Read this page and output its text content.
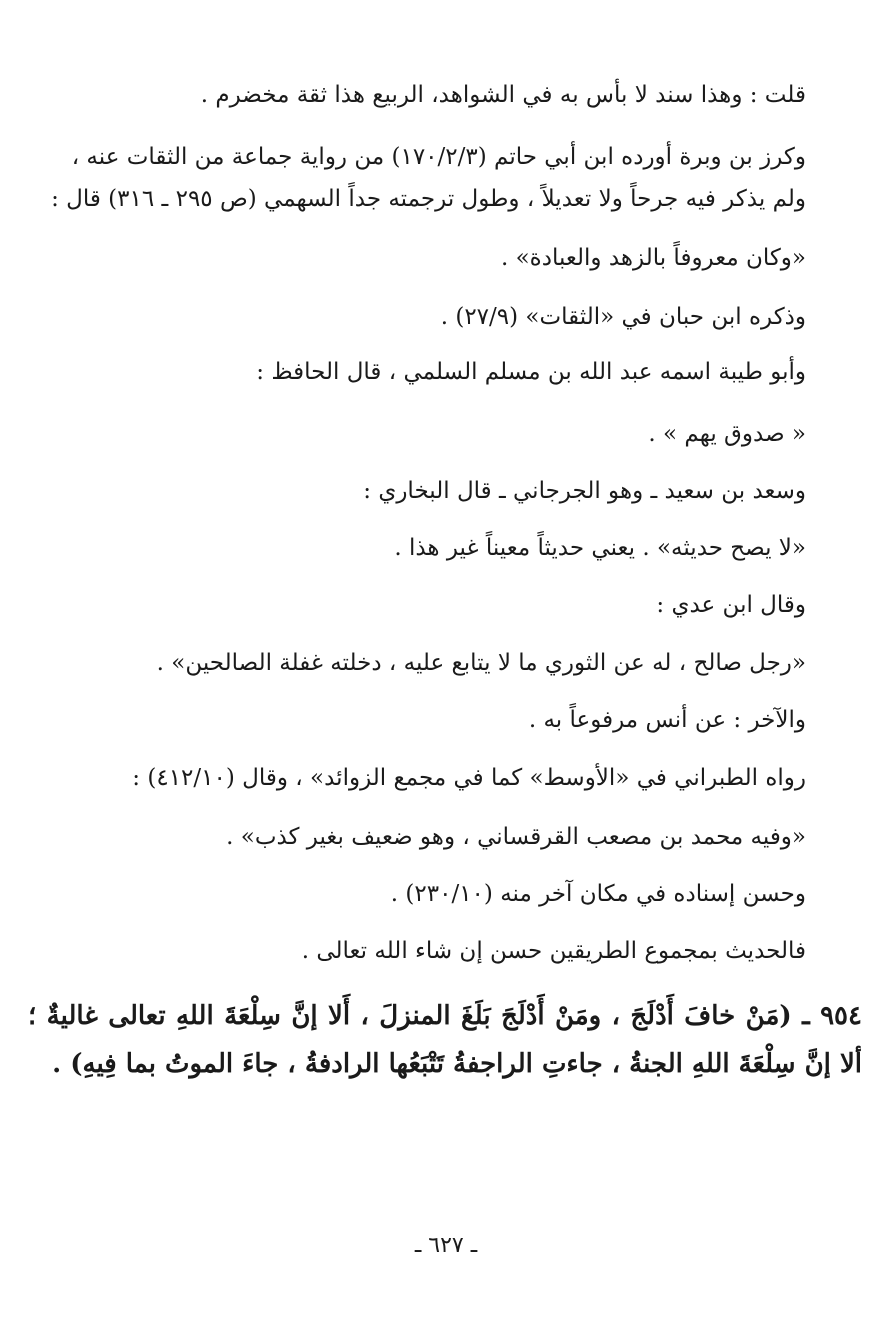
قلت : وهذا سند لا بأس به في الشواهد، الربيع هذا ثقة مخضرم .
وكرز بن وبرة أورده ابن أبي حاتم (١٧٠/٢/٣) من رواية جماعة من الثقات عنه ،
ولم يذكر فيه جرحاً ولا تعديلاً ، وطول ترجمته جداً السهمي (ص ٢٩٥ ـ ٣١٦) قال :
«وكان معروفاً بالزهد والعبادة» .
وذكره ابن حبان في «الثقات» (٢٧/٩) .
وأبو طيبة اسمه عبد الله بن مسلم السلمي ، قال الحافظ :
« صدوق يهم » .
وسعد بن سعيد ـ وهو الجرجاني ـ قال البخاري :
«لا يصح حديثه» . يعني حديثاً معيناً غير هذا .
وقال ابن عدي :
«رجل صالح ، له عن الثوري ما لا يتابع عليه ، دخلته غفلة الصالحين» .
والآخر : عن أنس مرفوعاً به .
رواه الطبراني في «الأوسط» كما في مجمع الزوائد» ، وقال (٤١٢/١٠) :
«وفيه محمد بن مصعب القرقساني ، وهو ضعيف بغير كذب» .
وحسن إسناده في مكان آخر منه (٢٣٠/١٠) .
فالحديث بمجموع الطريقين حسن إن شاء الله تعالى .
٩٥٤ ـ (مَنْ خافَ أَدْلَجَ ، ومَنْ أَدْلَجَ بَلَغَ المنزلَ ، أَلا إنَّ سِلْعَةَ اللهِ تعالى غاليةٌ ؛ ألا إنَّ سِلْعَةَ اللهِ الجنةُ ، جاءتِ الراجفةُ تَتْبَعُها الرادفةُ ، جاءَ الموتُ بما فِيهِ) .
ـ ٦٢٧ ـ
